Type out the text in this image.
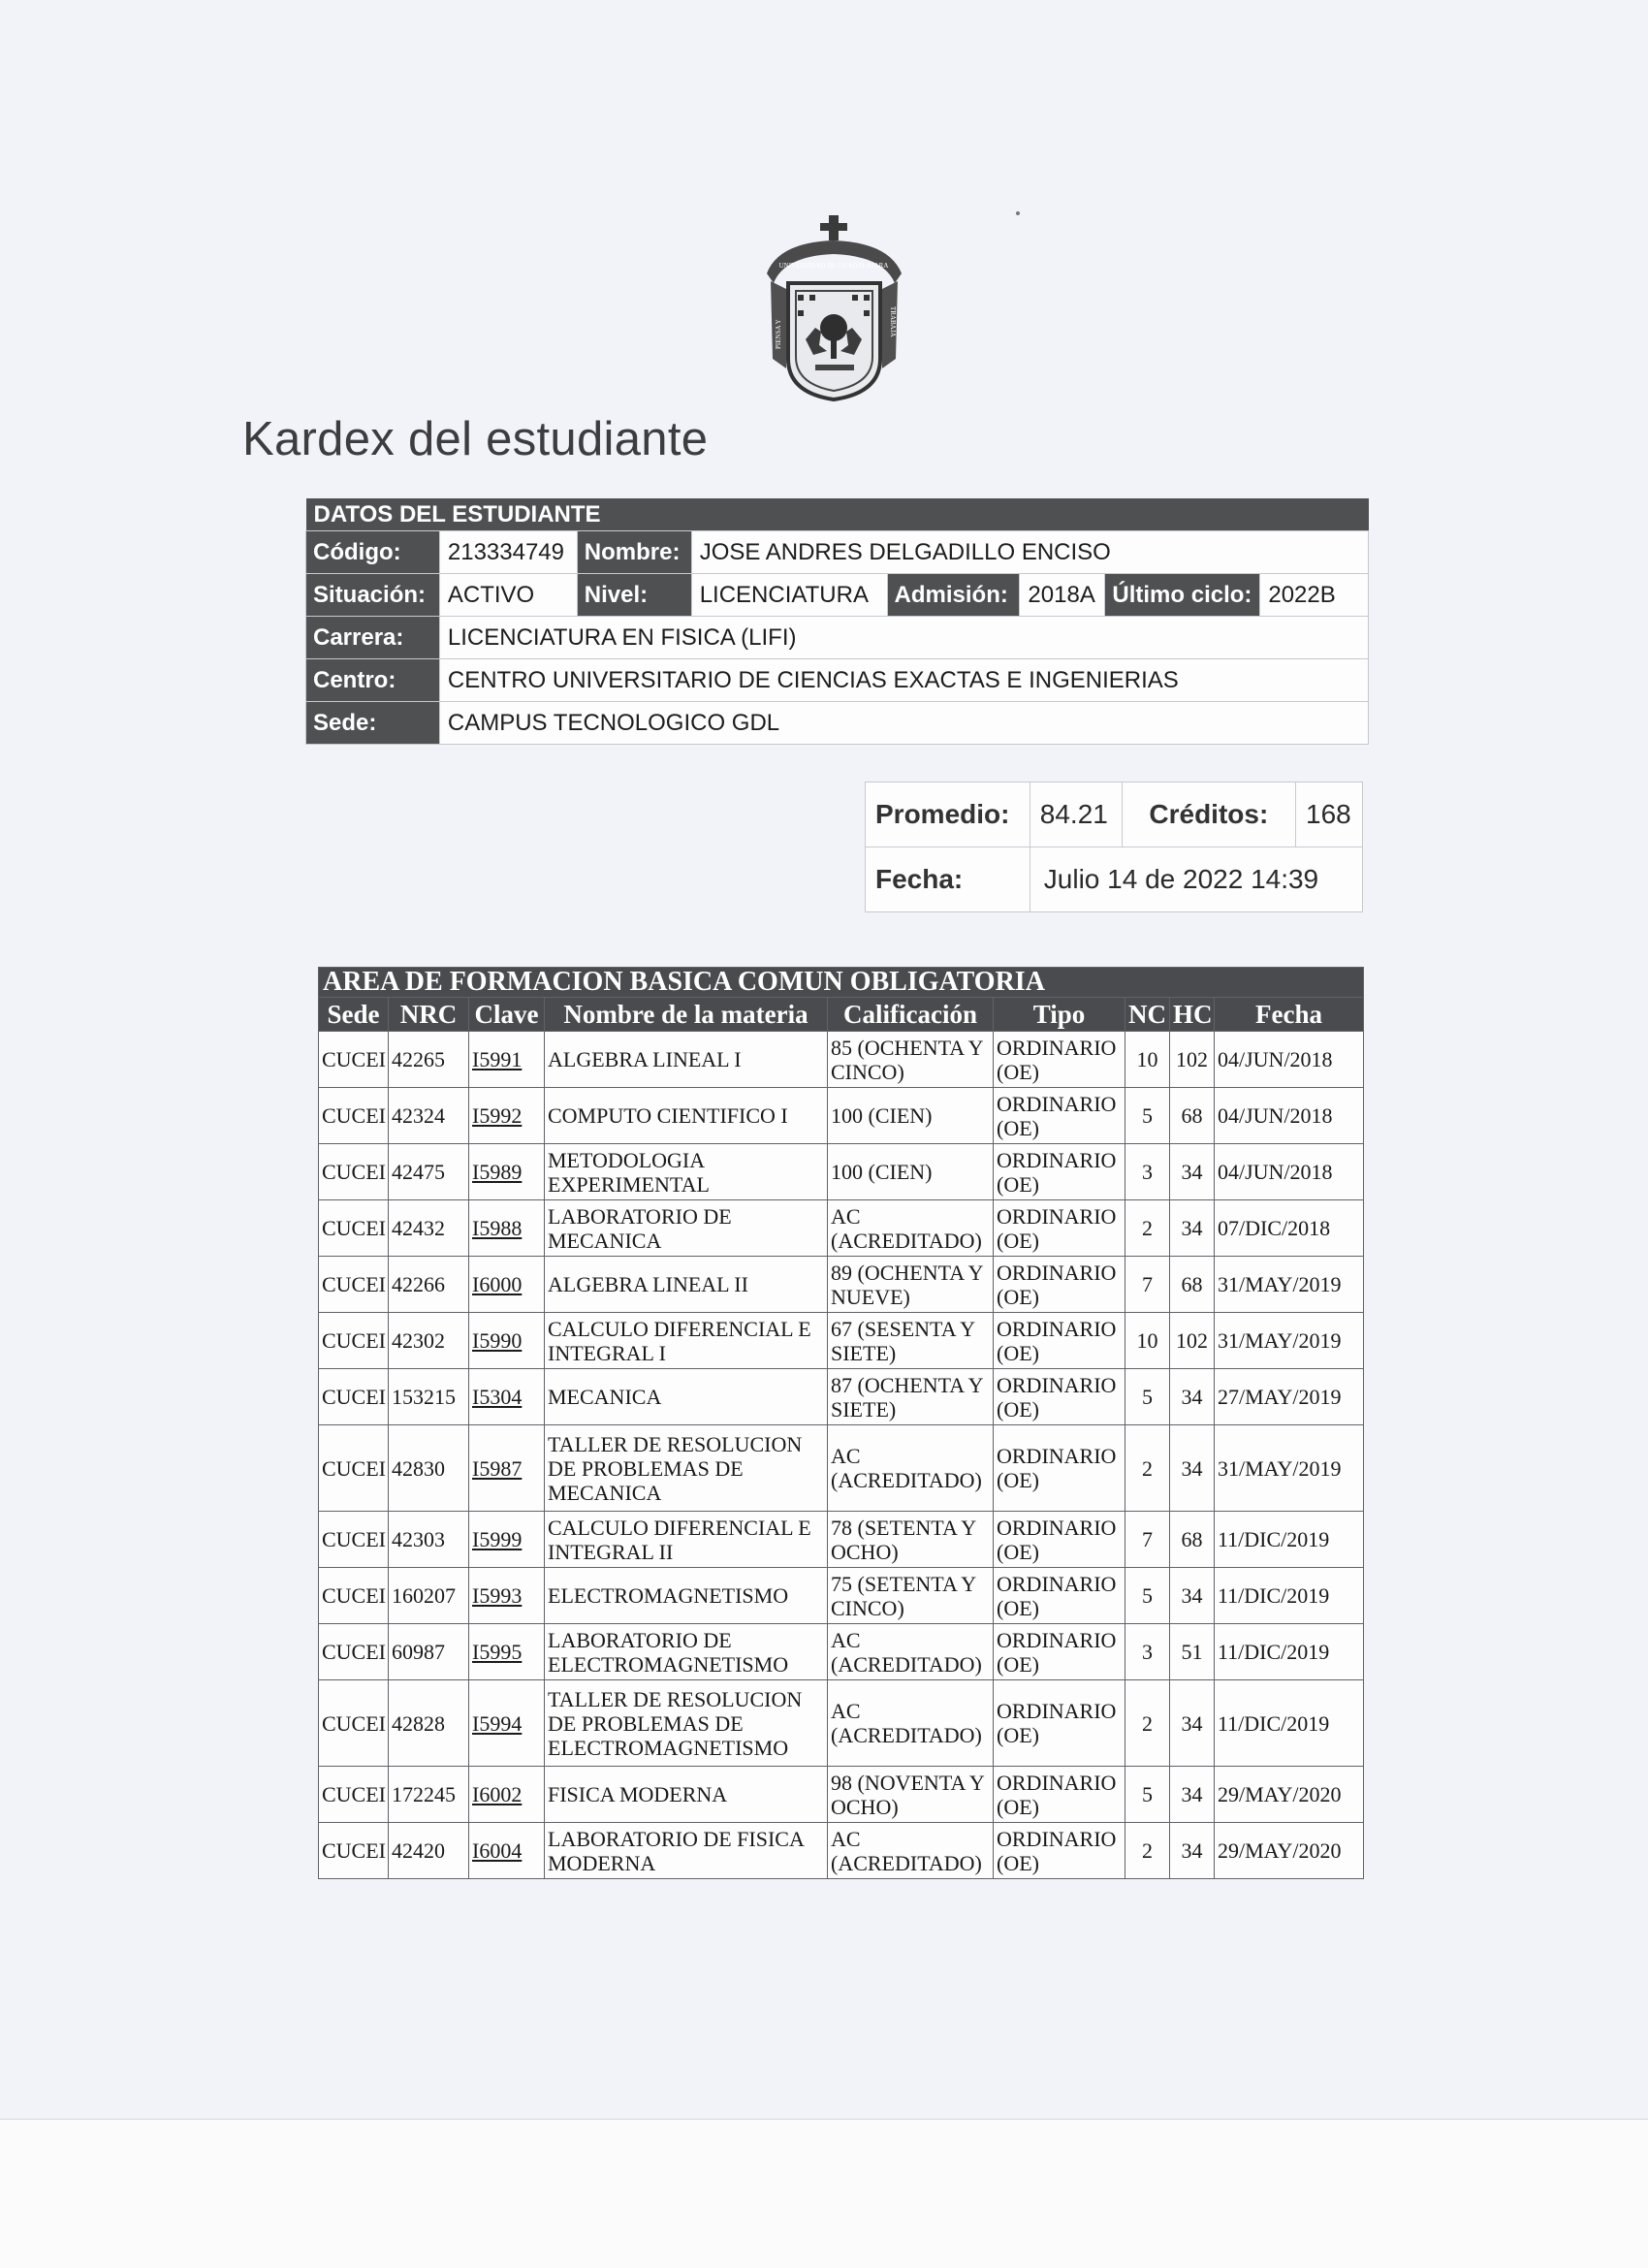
UNIVERSIDAD DE GUADALAJARA
PIENSA Y	TRABAJA
Kardex del estudiante
DATOS DEL ESTUDIANTE							
Código:	213334749	Nombre:	JOSE ANDRES DELGADILLO ENCISO				
Situación:	ACTIVO	Nivel:	LICENCIATURA	Admisión:	2018A	Último ciclo:	2022B
Carrera:	LICENCIATURA EN FISICA (LIFI)						
Centro:	CENTRO UNIVERSITARIO DE CIENCIAS EXACTAS E INGENIERIAS						
Sede:	CAMPUS TECNOLOGICO GDL						
Promedio:	84.21	Créditos:	168
Fecha:	Julio 14 de 2022 14:39		
AREA DE FORMACION BASICA COMUN OBLIGATORIA								
Sede	NRC	Clave	Nombre de la materia	Calificación	Tipo	NC	HC	Fecha
CUCEI	42265	I5991	ALGEBRA LINEAL I	85 (OCHENTA Y CINCO)	ORDINARIO (OE)	10	102	04/JUN/2018
CUCEI	42324	I5992	COMPUTO CIENTIFICO I	100 (CIEN)	ORDINARIO (OE)	5	68	04/JUN/2018
CUCEI	42475	I5989	METODOLOGIA EXPERIMENTAL	100 (CIEN)	ORDINARIO (OE)	3	34	04/JUN/2018
CUCEI	42432	I5988	LABORATORIO DE MECANICA	AC (ACREDITADO)	ORDINARIO (OE)	2	34	07/DIC/2018
CUCEI	42266	I6000	ALGEBRA LINEAL II	89 (OCHENTA Y NUEVE)	ORDINARIO (OE)	7	68	31/MAY/2019
CUCEI	42302	I5990	CALCULO DIFERENCIAL E INTEGRAL I	67 (SESENTA Y SIETE)	ORDINARIO (OE)	10	102	31/MAY/2019
CUCEI	153215	I5304	MECANICA	87 (OCHENTA Y SIETE)	ORDINARIO (OE)	5	34	27/MAY/2019
CUCEI	42830	I5987	TALLER DE RESOLUCION DE PROBLEMAS DE MECANICA	AC (ACREDITADO)	ORDINARIO (OE)	2	34	31/MAY/2019
CUCEI	42303	I5999	CALCULO DIFERENCIAL E INTEGRAL II	78 (SETENTA Y OCHO)	ORDINARIO (OE)	7	68	11/DIC/2019
CUCEI	160207	I5993	ELECTROMAGNETISMO	75 (SETENTA Y CINCO)	ORDINARIO (OE)	5	34	11/DIC/2019
CUCEI	60987	I5995	LABORATORIO DE ELECTROMAGNETISMO	AC (ACREDITADO)	ORDINARIO (OE)	3	51	11/DIC/2019
CUCEI	42828	I5994	TALLER DE RESOLUCION DE PROBLEMAS DE ELECTROMAGNETISMO	AC (ACREDITADO)	ORDINARIO (OE)	2	34	11/DIC/2019
CUCEI	172245	I6002	FISICA MODERNA	98 (NOVENTA Y OCHO)	ORDINARIO (OE)	5	34	29/MAY/2020
CUCEI	42420	I6004	LABORATORIO DE FISICA MODERNA	AC (ACREDITADO)	ORDINARIO (OE)	2	34	29/MAY/2020
